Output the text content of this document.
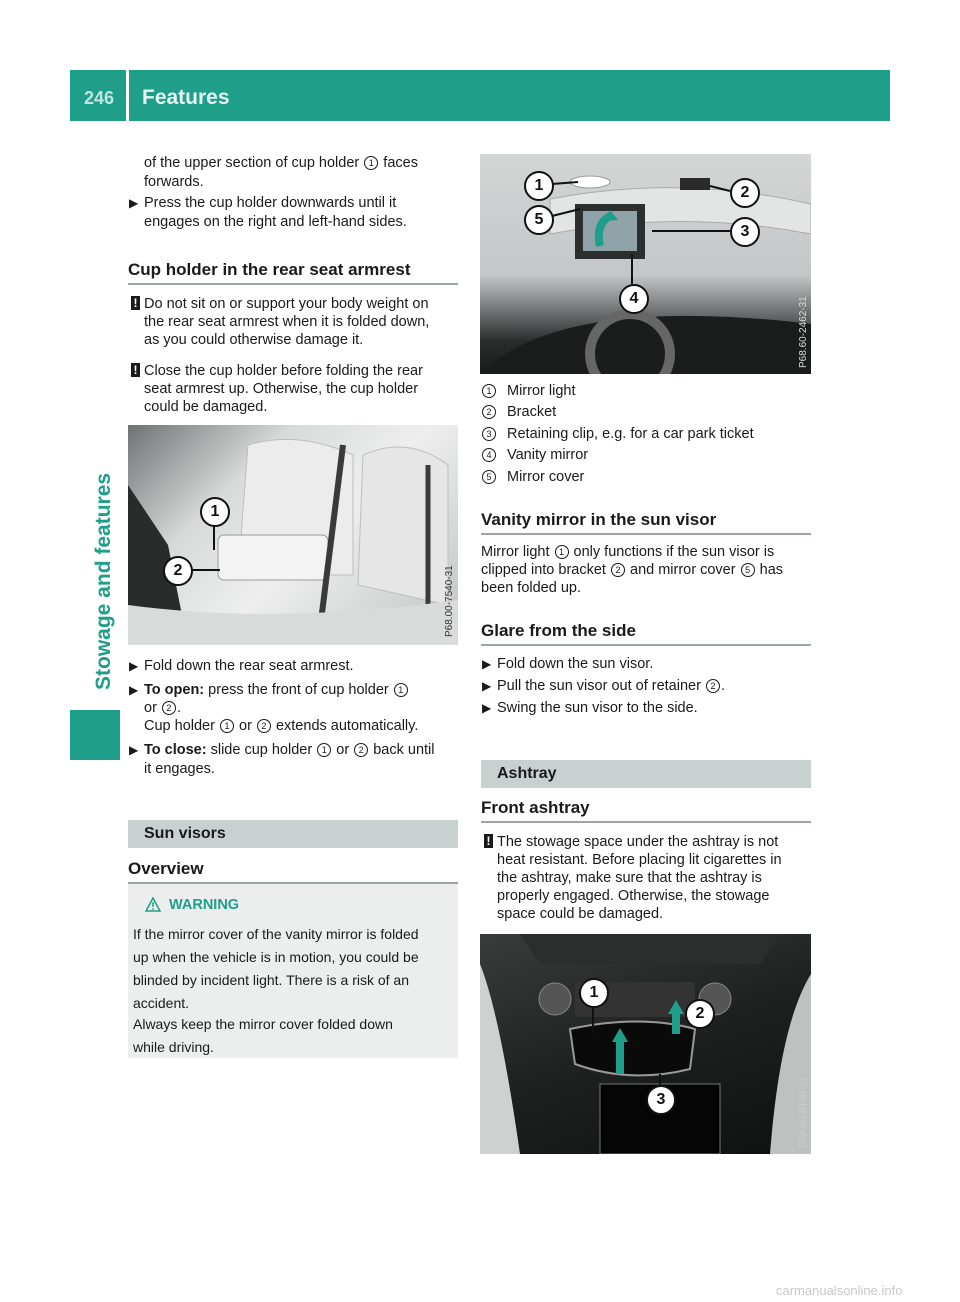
246 Features
Stowage and features
of the upper section of cup holder 1 faces
forwards.
▶ Press the cup holder downwards until it
engages on the right and left-hand sides.
Cup holder in the rear seat armrest
! Do not sit on or support your body weight on
the rear seat armrest when it is folded down,
as you could otherwise damage it.
! Close the cup holder before folding the rear
seat armrest up. Otherwise, the cup holder
could be damaged.
1
2	P68.00-7540-31
▶ Fold down the rear seat armrest.
▶ To open: press the front of cup holder 1
or 2 .
Cup holder 1 or 2 extends automatically.
▶ To close: slide cup holder 1 or 2 back until
it engages.
Sun visors
Overview
WARNING
If the mirror cover of the vanity mirror is folded
up when the vehicle is in motion, you could be
blinded by incident light. There is a risk of an
accident.
Always keep the mirror cover folded down
while driving.
1	2
3
4
5
P68.60-2462-31
1 Mirror light
2 Bracket
3 Retaining clip, e.g. for a car park ticket
4 Vanity mirror
5 Mirror cover
Vanity mirror in the sun visor
Mirror light 1 only functions if the sun visor is
clipped into bracket 2 and mirror cover 5 has
been folded up.
Glare from the side
▶ Fold down the sun visor.
▶ Pull the sun visor out of retainer 2 .
▶ Swing the sun visor to the side.
Ashtray
Front ashtray
! The stowage space under the ashtray is not
heat resistant. Before placing lit cigarettes in
the ashtray, make sure that the ashtray is
properly engaged. Otherwise, the stowage
space could be damaged.
1
2
3	P68.00-8190-31
carmanualsonline.info
